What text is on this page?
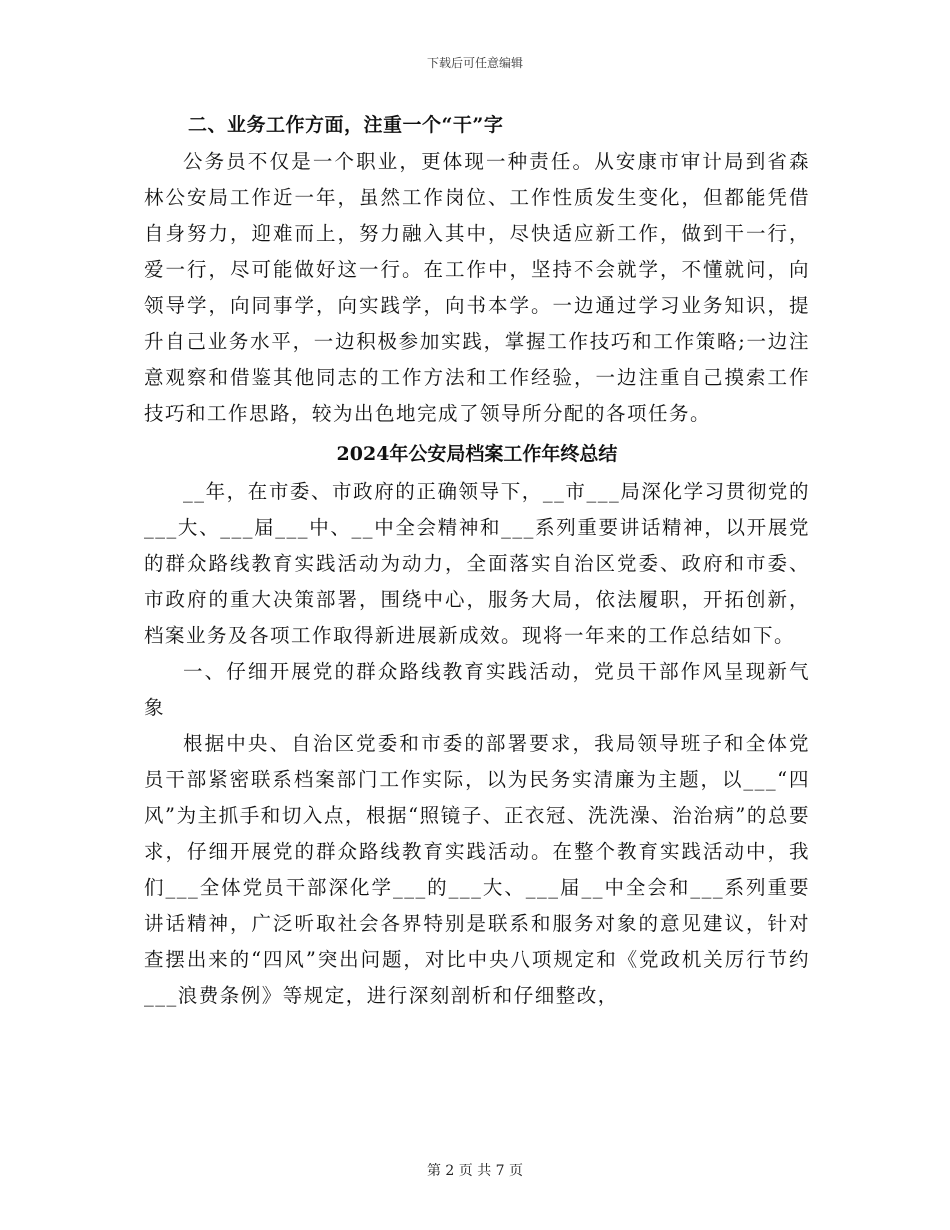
下载后可任意编辑

二、业务工作方面，注重一个“干”字

公务员不仅是一个职业，更体现一种责任。从安康市审计局到省森林公安局工作近一年，虽然工作岗位、工作性质发生变化，但都能凭借自身努力，迎难而上，努力融入其中，尽快适应新工作，做到干一行，爱一行，尽可能做好这一行。在工作中，坚持不会就学，不懂就问，向领导学，向同事学，向实践学，向书本学。一边通过学习业务知识，提升自己业务水平，一边积极参加实践，掌握工作技巧和工作策略;一边注意观察和借鉴其他同志的工作方法和工作经验，一边注重自己摸索工作技巧和工作思路，较为出色地完成了领导所分配的各项任务。

2024年公安局档案工作年终总结

__年，在市委、市政府的正确领导下，__市___局深化学习贯彻党的___大、___届___中、__中全会精神和___系列重要讲话精神，以开展党的群众路线教育实践活动为动力，全面落实自治区党委、政府和市委、市政府的重大决策部署，围绕中心，服务大局，依法履职，开拓创新，档案业务及各项工作取得新进展新成效。现将一年来的工作总结如下。

一、仔细开展党的群众路线教育实践活动，党员干部作风呈现新气象

根据中央、自治区党委和市委的部署要求，我局领导班子和全体党员干部紧密联系档案部门工作实际，以为民务实清廉为主题，以___“四风”为主抓手和切入点，根据“照镜子、正衣冠、洗洗澡、治治病”的总要求，仔细开展党的群众路线教育实践活动。在整个教育实践活动中，我们___全体党员干部深化学___的___大、___届__中全会和___系列重要讲话精神，广泛听取社会各界特别是联系和服务对象的意见建议，针对查摆出来的“四风”突出问题，对比中央八项规定和《党政机关厉行节约___浪费条例》等规定，进行深刻剖析和仔细整改，

第 2 页 共 7 页
